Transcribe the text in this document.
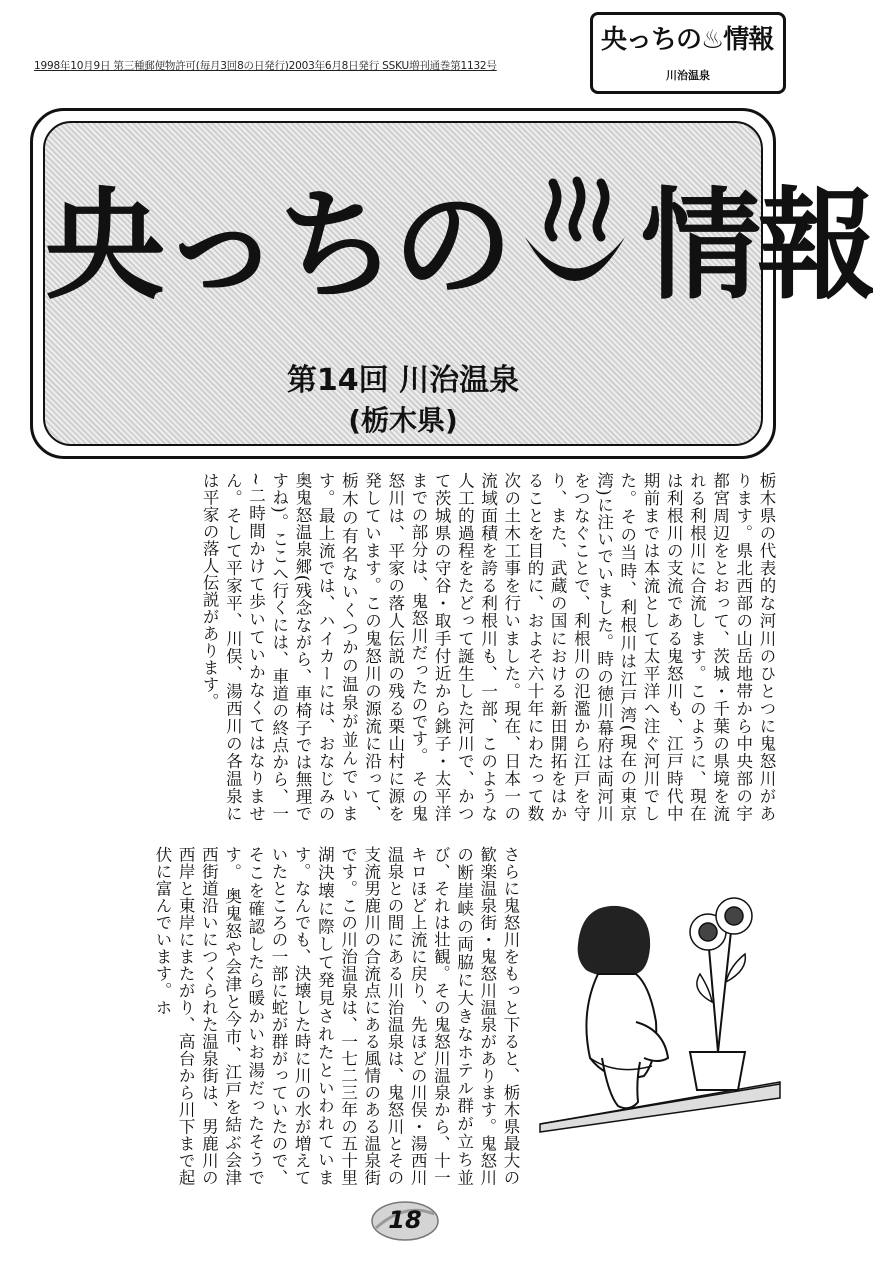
1998年10月9日 第三種郵便物許可(毎月3回8の日発行)2003年6月8日発行 SSKU増刊通巻第1132号
央っちの♨情報
川治温泉
央っちの 情報
第14回 川治温泉
(栃木県)
栃木県の代表的な河川のひとつに鬼怒川があります。県北西部の山岳地帯から中央部の宇都宮周辺をとおって、茨城・千葉の県境を流れる利根川に合流します。このように、現在は利根川の支流である鬼怒川も、江戸時代中期前までは本流として太平洋へ注ぐ河川でした。その当時、利根川は江戸湾(現在の東京湾)に注いでいました。時の徳川幕府は両河川をつなぐことで、利根川の氾濫から江戸を守り、また、武蔵の国における新田開拓をはかることを目的に、およそ六十年にわたって数次の土木工事を行いました。現在、日本一の流域面積を誇る利根川も、一部、このような人工的過程をたどって誕生した河川で、かつて茨城県の守谷・取手付近から銚子・太平洋までの部分は、鬼怒川だったのです。 その鬼怒川は、平家の落人伝説の残る栗山村に源を発しています。この鬼怒川の源流に沿って、栃木の有名ないくつかの温泉が並んでいます。最上流では、ハイカーには、おなじみの奥鬼怒温泉郷(残念ながら、車椅子では無理ですね)。ここへ行くには、車道の終点から、一~二時間かけて歩いていかなくてはなりません。そして平家平、川俣、湯西川の各温泉には平家の落人伝説があります。
さらに鬼怒川をもっと下ると、栃木県最大の歓楽温泉街・鬼怒川温泉があります。鬼怒川の断崖峡の両脇に大きなホテル群が立ち並び、それは壮観。その鬼怒川温泉から、十一キロほど上流に戻り、先ほどの川俣・湯西川温泉との間にある川治温泉は、鬼怒川とその支流男鹿川の合流点にある風情のある温泉街です。この川治温泉は、一七二三年の五十里湖決壊に際して発見されたといわれています。なんでも、決壊した時に川の水が増えていたところの一部に蛇が群がっていたので、そこを確認したら暖かいお湯だったそうです。 奥鬼怒や会津と今市、江戸を結ぶ会津西街道沿いにつくられた温泉街は、男鹿川の西岸と東岸にまたがり、高台から川下まで起伏に富んでいます。ホ
18
